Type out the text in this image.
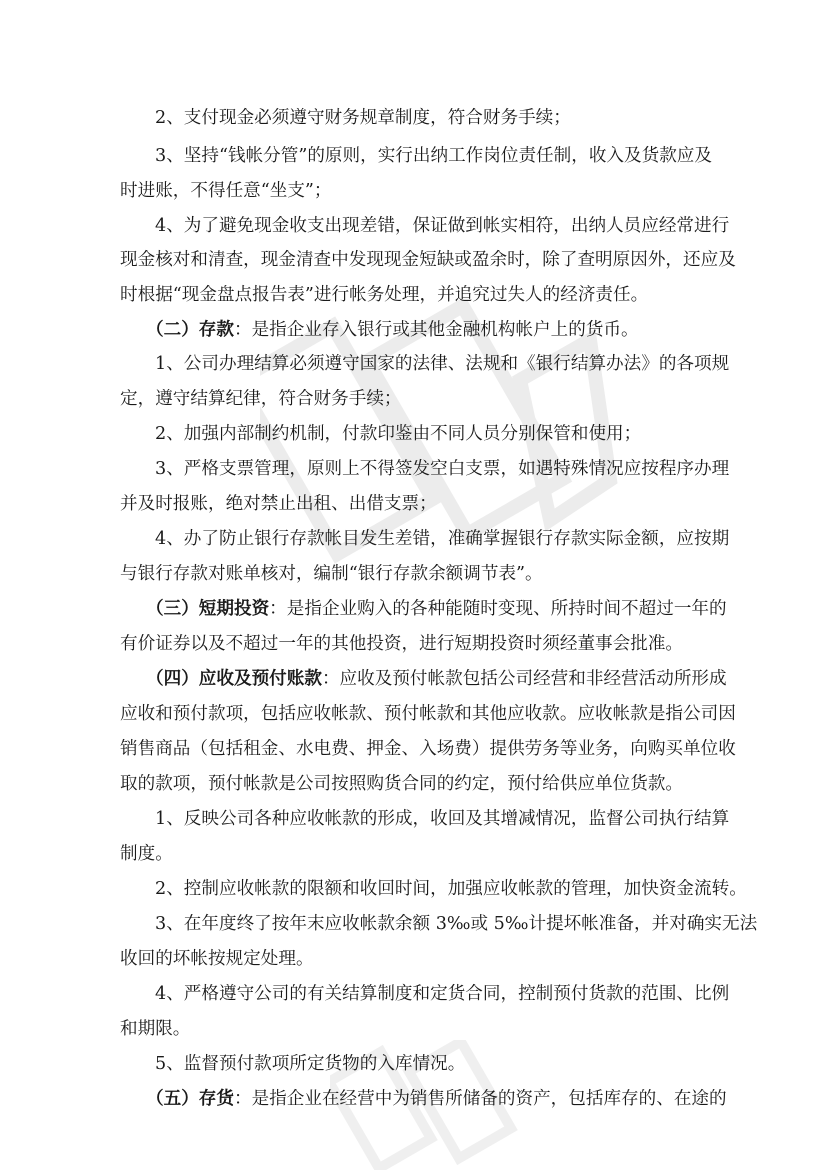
2、支付现金必须遵守财务规章制度，符合财务手续；
3、坚持“钱帐分管”的原则，实行出纳工作岗位责任制，收入及货款应及
时进账，不得任意“坐支”；
4、为了避免现金收支出现差错，保证做到帐实相符，出纳人员应经常进行
现金核对和清查，现金清查中发现现金短缺或盈余时，除了查明原因外，还应及
时根据“现金盘点报告表”进行帐务处理，并追究过失人的经济责任。
（二）存款：是指企业存入银行或其他金融机构帐户上的货币。
1、公司办理结算必须遵守国家的法律、法规和《银行结算办法》的各项规
定，遵守结算纪律，符合财务手续；
2、加强内部制约机制，付款印鉴由不同人员分别保管和使用；
3、严格支票管理，原则上不得签发空白支票，如遇特殊情况应按程序办理
并及时报账，绝对禁止出租、出借支票；
4、办了防止银行存款帐目发生差错，准确掌握银行存款实际金额，应按期
与银行存款对账单核对，编制“银行存款余额调节表”。
（三）短期投资：是指企业购入的各种能随时变现、所持时间不超过一年的
有价证券以及不超过一年的其他投资，进行短期投资时须经董事会批准。
（四）应收及预付账款：应收及预付帐款包括公司经营和非经营活动所形成
应收和预付款项，包括应收帐款、预付帐款和其他应收款。应收帐款是指公司因
销售商品（包括租金、水电费、押金、入场费）提供劳务等业务，向购买单位收
取的款项，预付帐款是公司按照购货合同的约定，预付给供应单位货款。
1、反映公司各种应收帐款的形成，收回及其增减情况，监督公司执行结算
制度。
2、控制应收帐款的限额和收回时间，加强应收帐款的管理，加快资金流转。
3、在年度终了按年末应收帐款余额 3‰或 5‰计提坏帐准备，并对确实无法
收回的坏帐按规定处理。
4、严格遵守公司的有关结算制度和定货合同，控制预付货款的范围、比例
和期限。
5、监督预付款项所定货物的入库情况。
（五）存货：是指企业在经营中为销售所储备的资产，包括库存的、在途的
